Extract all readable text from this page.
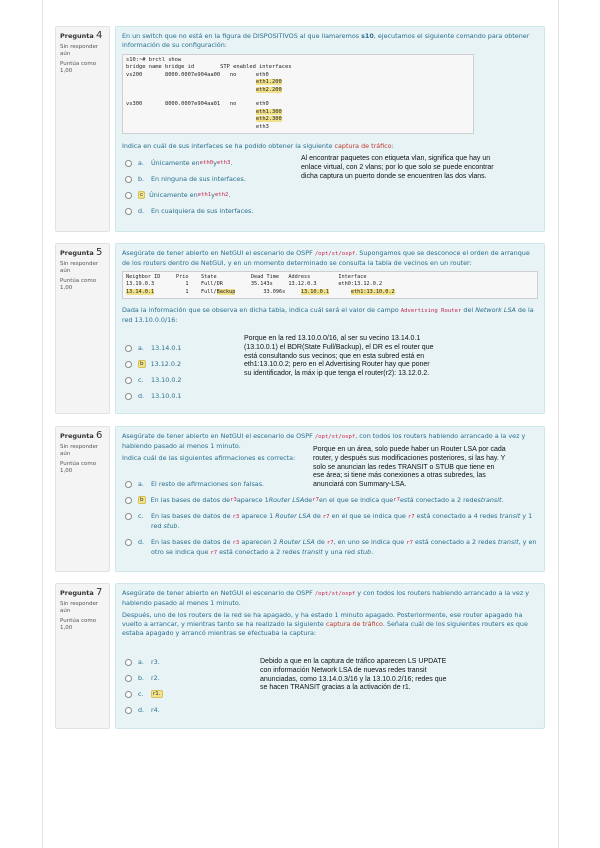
Pregunta 4
Sin responder aún
Puntúa como 1,00
En un switch que no está en la figura de DISPOSITIVOS al que llamaremos s10, ejecutamos el siguiente comando para obtener información de su configuración:
s10:~# brctl show
bridge name bridge id        STP enabled interfaces
vs200       8000.0007e904aa00   no      eth0
eth1.200
eth2.200

vs300       8000.0007e904aa01   no      eth0
eth1.300
eth2.300
eth3
Indica en cuál de sus interfaces se ha podido obtener la siguiente captura de tráfico:
a.	Únicamente en eth0 y eth3 .
b.	En ninguna de sus interfaces.
c Únicamente en eth1 y eth2 .
d.	En cualquiera de sus interfaces.
Al encontrar paquetes con etiqueta vlan, significa que hay un enlace virtual, con 2 vlans; por lo que solo se puede encontrar dicha captura un puerto donde se encuentren las dos vlans.
Pregunta 5
Sin responder aún
Puntúa como 1,00
Asegúrate de tener abierto en NetGUI el escenario de OSPF /opt/st/ospf. Supongamos que se desconoce el orden de arranque de los routers dentro de NetGUI, y en un momento determinado se consulta la tabla de vecinos en un router:
Neighbor ID     Prio    State           Dead Time   Address         Interface
13.19.0.3          1    Full/DR         35.143s     13.12.0.3       eth0:13.12.0.2
13.14.0.1          1    Full/Backup         33.096s     13.10.0.1	eth1:13.10.0.2
Dada la información que se observa en dicha tabla, indica cuál será el valor de campo Advertising Router del Network LSA de la red 13.10.0.0/16:
a.	13.14.0.1
b	13.12.0.2
c.	13.10.0.2
d.	13.10.0.1
Porque en la red 13.10.0.0/16, al ser su vecino 13.14.0.1 (13.10.0.1) el BDR(State Full/Backup), el DR es el router que está consultando sus vecinos; que en esta subred está en eth1:13.10.0.2; pero en el Advertising Router hay que poner su identificador, la máx ip que tenga el router(r2): 13.12.0.2.
Pregunta 6
Sin responder aún
Puntúa como 1,00
Asegúrate de tener abierto en NetGUI el escenario de OSPF /opt/st/ospf, con todos los routers habiendo arrancado a la vez y habiendo pasado al menos 1 minuto.
Indica cuál de las siguientes afirmaciones es correcta:
a.	El resto de afirmaciones son falsas.
b	En las bases de datos de r3 aparece 1 Router LSA de r7 en el que se indica que r7 está conectado a 2 redes transit .
c.	En las bases de datos de r3 aparece 1 Router LSA de r7 en el que se indica que r7 está conectado a 4 redes transit y 1 red stub.
d.	En las bases de datos de r3 aparecen 2 Router LSA de r7, en uno se indica que r7 está conectado a 2 redes transit, y en otro se indica que r7 está conectado a 2 redes transit y una red stub.
Porque en un área, solo puede haber un Router LSA por cada router, y después sus modificaciones posteriores, si las hay. Y solo se anuncian las redes TRANSIT o STUB que tiene en ese área; si tiene más conexiones a otras subredes, las anunciará con Summary-LSA.
Pregunta 7
Sin responder aún
Puntúa como 1,00
Asegúrate de tener abierto en NetGUI el escenario de OSPF /opt/st/ospf y con todos los routers habiendo arrancado a la vez y habiendo pasado al menos 1 minuto.
Después, uno de los routers de la red se ha apagado, y ha estado 1 minuto apagado. Posteriormente, ese router apagado ha vuelto a arrancar, y mientras tanto se ha realizado la siguiente captura de tráfico. Señala cuál de los siguientes routers es que estaba apagado y arrancó mientras se efectuaba la captura:
a.	r3.
b.	r2.
c.	r1.
d.	r4.
Debido a que en la captura de tráfico aparecen LS UPDATE con información Network LSA de nuevas redes transit anunciadas, como 13.14.0.3/16 y la 13.10.0.2/16; redes que se hacen TRANSIT gracias a la activación de r1.
